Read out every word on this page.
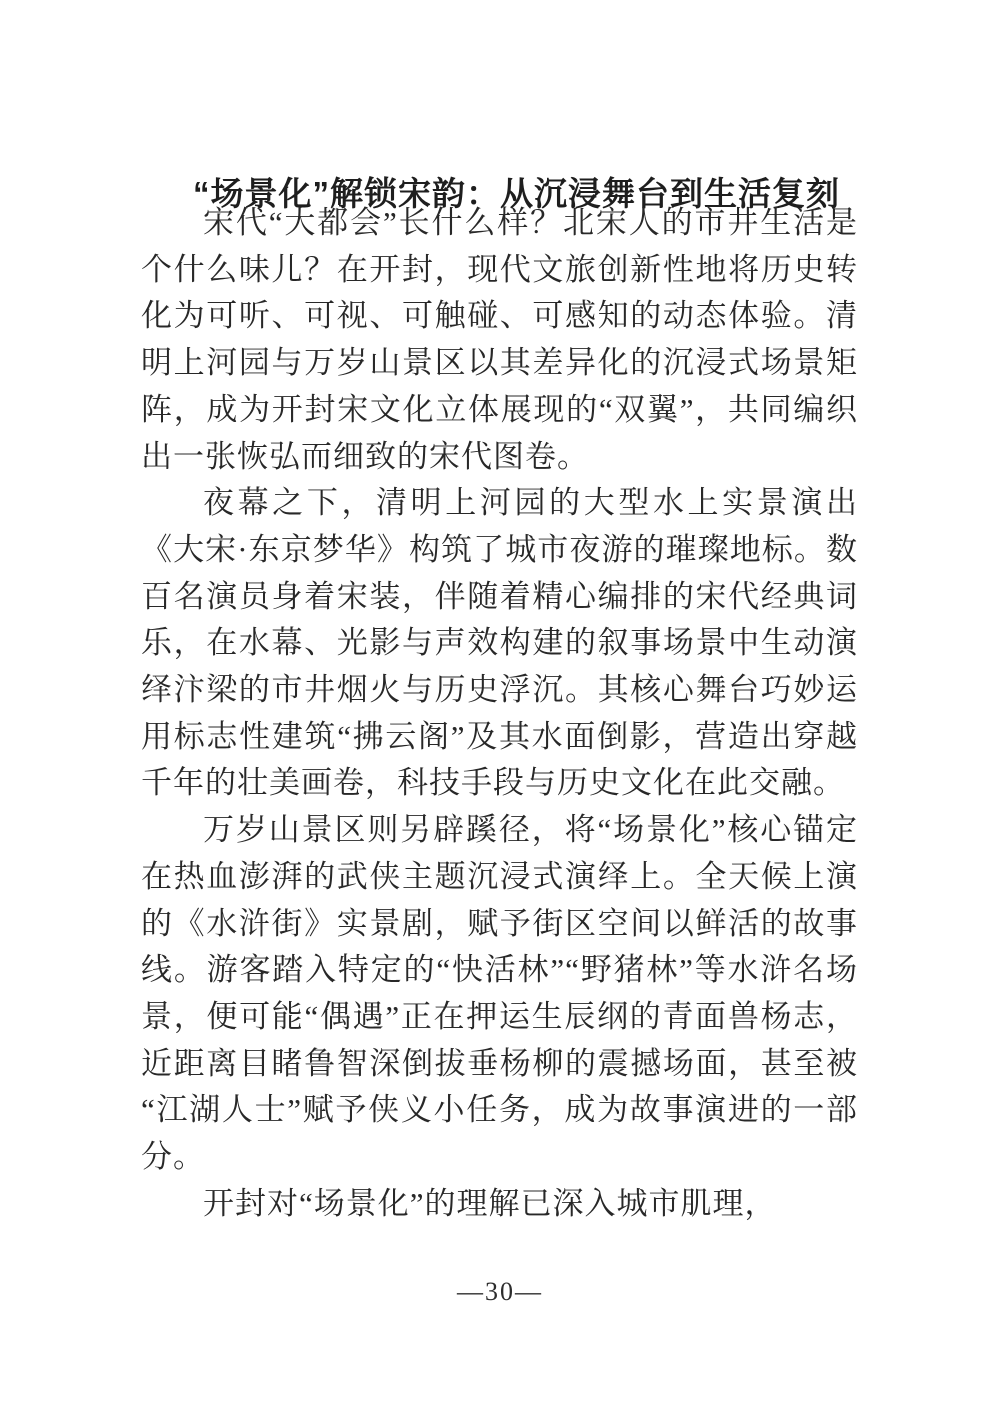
“场景化”解锁宋韵：从沉浸舞台到生活复刻

宋代“大都会”长什么样？北宋人的市井生活是个什么味儿？在开封，现代文旅创新性地将历史转化为可听、可视、可触碰、可感知的动态体验。清明上河园与万岁山景区以其差异化的沉浸式场景矩阵，成为开封宋文化立体展现的“双翼”，共同编织出一张恢弘而细致的宋代图卷。

夜幕之下，清明上河园的大型水上实景演出《大宋·东京梦华》构筑了城市夜游的璀璨地标。数百名演员身着宋装，伴随着精心编排的宋代经典词乐，在水幕、光影与声效构建的叙事场景中生动演绎汴梁的市井烟火与历史浮沉。其核心舞台巧妙运用标志性建筑“拂云阁”及其水面倒影，营造出穿越千年的壮美画卷，科技手段与历史文化在此交融。

万岁山景区则另辟蹊径，将“场景化”核心锚定在热血澎湃的武侠主题沉浸式演绎上。全天候上演的《水浒街》实景剧，赋予街区空间以鲜活的故事线。游客踏入特定的“快活林”“野猪林”等水浒名场景，便可能“偶遇”正在押运生辰纲的青面兽杨志，近距离目睹鲁智深倒拔垂杨柳的震撼场面，甚至被“江湖人士”赋予侠义小任务，成为故事演进的一部分。

开封对“场景化”的理解已深入城市肌理，

—30—
